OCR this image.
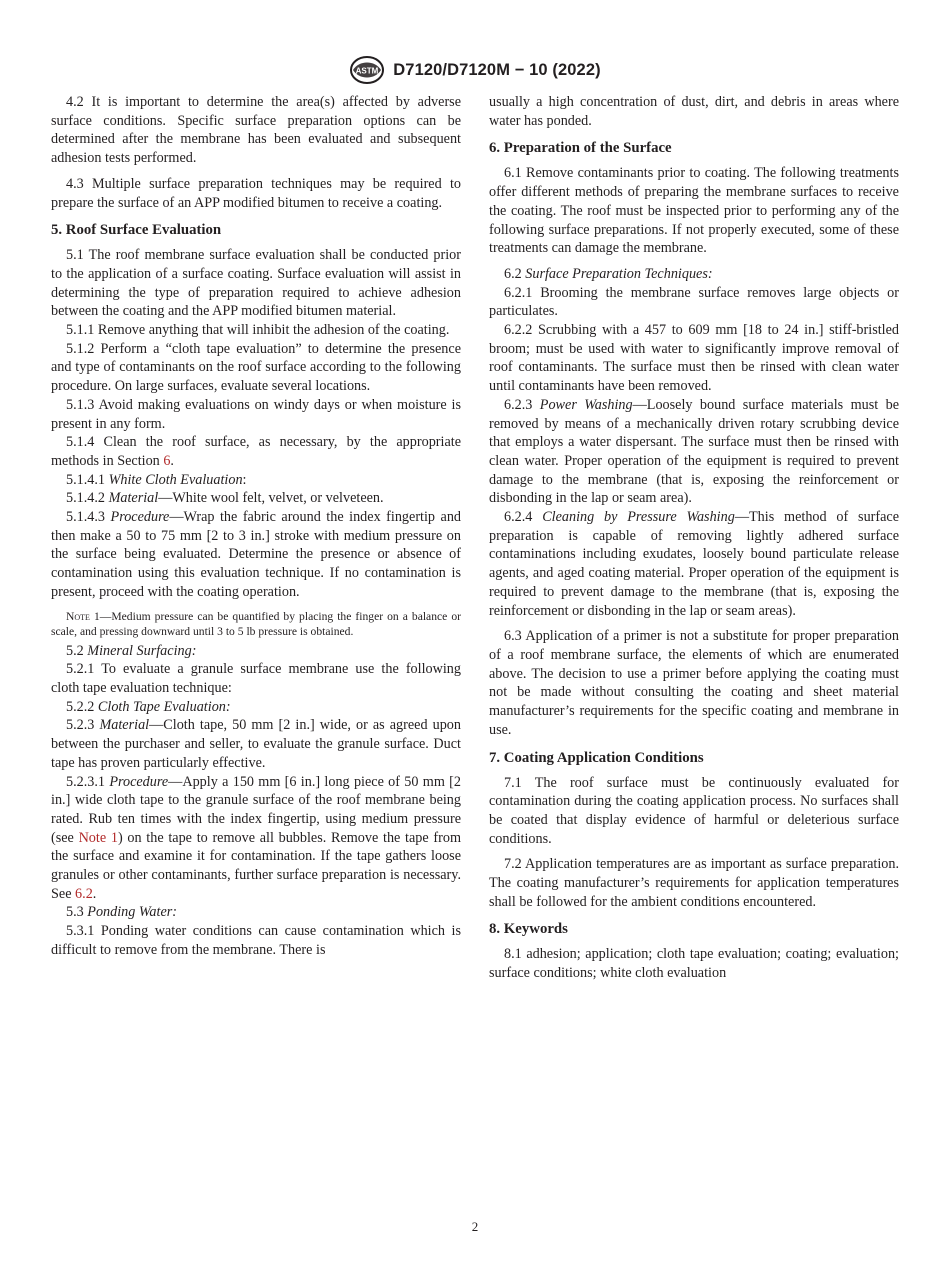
ASTM D7120/D7120M − 10 (2022)

4.2 It is important to determine the area(s) affected by adverse surface conditions. Specific surface preparation options can be determined after the membrane has been evaluated and subsequent adhesion tests performed.

4.3 Multiple surface preparation techniques may be required to prepare the surface of an APP modified bitumen to receive a coating.

5. Roof Surface Evaluation

5.1 The roof membrane surface evaluation shall be conducted prior to the application of a surface coating. Surface evaluation will assist in determining the type of preparation required to achieve adhesion between the coating and the APP modified bitumen material.

5.1.1 Remove anything that will inhibit the adhesion of the coating.

5.1.2 Perform a “cloth tape evaluation” to determine the presence and type of contaminants on the roof surface according to the following procedure. On large surfaces, evaluate several locations.

5.1.3 Avoid making evaluations on windy days or when moisture is present in any form.

5.1.4 Clean the roof surface, as necessary, by the appropriate methods in Section 6.

5.1.4.1 White Cloth Evaluation:

5.1.4.2 Material—White wool felt, velvet, or velveteen.

5.1.4.3 Procedure—Wrap the fabric around the index fingertip and then make a 50 to 75 mm [2 to 3 in.] stroke with medium pressure on the surface being evaluated. Determine the presence or absence of contamination using this evaluation technique. If no contamination is present, proceed with the coating operation.

Note 1—Medium pressure can be quantified by placing the finger on a balance or scale, and pressing downward until 3 to 5 lb pressure is obtained.

5.2 Mineral Surfacing:

5.2.1 To evaluate a granule surface membrane use the following cloth tape evaluation technique:

5.2.2 Cloth Tape Evaluation:

5.2.3 Material—Cloth tape, 50 mm [2 in.] wide, or as agreed upon between the purchaser and seller, to evaluate the granule surface. Duct tape has proven particularly effective.

5.2.3.1 Procedure—Apply a 150 mm [6 in.] long piece of 50 mm [2 in.] wide cloth tape to the granule surface of the roof membrane being rated. Rub ten times with the index fingertip, using medium pressure (see Note 1) on the tape to remove all bubbles. Remove the tape from the surface and examine it for contamination. If the tape gathers loose granules or other contaminants, further surface preparation is necessary. See 6.2.

5.3 Ponding Water:

5.3.1 Ponding water conditions can cause contamination which is difficult to remove from the membrane. There is

usually a high concentration of dust, dirt, and debris in areas where water has ponded.

6. Preparation of the Surface

6.1 Remove contaminants prior to coating. The following treatments offer different methods of preparing the membrane surfaces to receive the coating. The roof must be inspected prior to performing any of the following surface preparations. If not properly executed, some of these treatments can damage the membrane.

6.2 Surface Preparation Techniques:

6.2.1 Brooming the membrane surface removes large objects or particulates.

6.2.2 Scrubbing with a 457 to 609 mm [18 to 24 in.] stiff-bristled broom; must be used with water to significantly improve removal of roof contaminants. The surface must then be rinsed with clean water until contaminants have been removed.

6.2.3 Power Washing—Loosely bound surface materials must be removed by means of a mechanically driven rotary scrubbing device that employs a water dispersant. The surface must then be rinsed with clean water. Proper operation of the equipment is required to prevent damage to the membrane (that is, exposing the reinforcement or disbonding in the lap or seam area).

6.2.4 Cleaning by Pressure Washing—This method of surface preparation is capable of removing lightly adhered surface contaminations including exudates, loosely bound particulate release agents, and aged coating material. Proper operation of the equipment is required to prevent damage to the membrane (that is, exposing the reinforcement or disbonding in the lap or seam areas).

6.3 Application of a primer is not a substitute for proper preparation of a roof membrane surface, the elements of which are enumerated above. The decision to use a primer before applying the coating must not be made without consulting the coating and sheet material manufacturer’s requirements for the specific coating and membrane in use.

7. Coating Application Conditions

7.1 The roof surface must be continuously evaluated for contamination during the coating application process. No surfaces shall be coated that display evidence of harmful or deleterious surface conditions.

7.2 Application temperatures are as important as surface preparation. The coating manufacturer’s requirements for application temperatures shall be followed for the ambient conditions encountered.

8. Keywords

8.1 adhesion; application; cloth tape evaluation; coating; evaluation; surface conditions; white cloth evaluation

2
